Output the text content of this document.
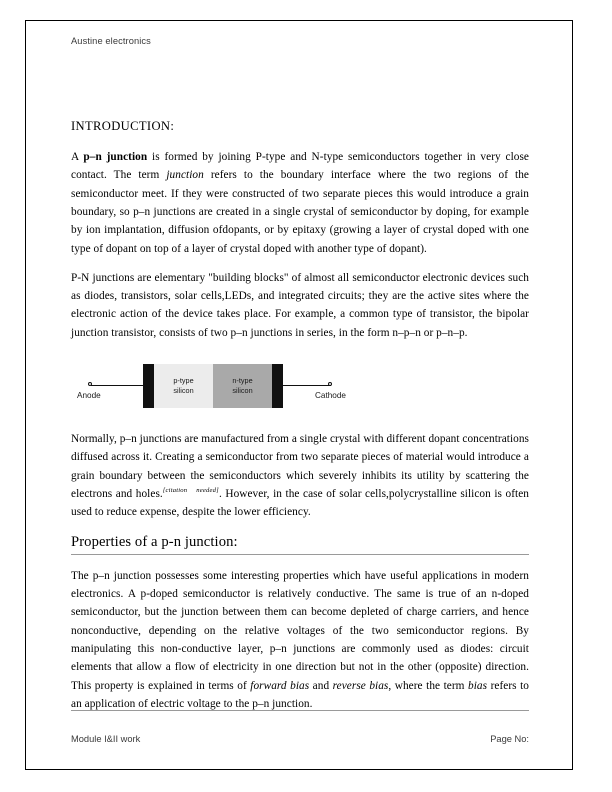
Austine electronics
INTRODUCTION:

A p–n junction is formed by joining P-type and N-type semiconductors together in very close contact. The term junction refers to the boundary interface where the two regions of the semiconductor meet. If they were constructed of two separate pieces this would introduce a grain boundary, so p–n junctions are created in a single crystal of semiconductor by doping, for example by ion implantation, diffusion ofdopants, or by epitaxy (growing a layer of crystal doped with one type of dopant on top of a layer of crystal doped with another type of dopant).

P-N junctions are elementary "building blocks" of almost all semiconductor electronic devices such as diodes, transistors, solar cells,LEDs, and integrated circuits; they are the active sites where the electronic action of the device takes place. For example, a common type of transistor, the bipolar junction transistor, consists of two p–n junctions in series, in the form n–p–n or p–n–p.

Anode
p-type
silicon
n-type
silicon
Cathode

Normally, p–n junctions are manufactured from a single crystal with different dopant concentrations diffused across it. Creating a semiconductor from two separate pieces of material would introduce a grain boundary between the semiconductors which severely inhibits its utility by scattering the electrons and holes.[citation needed]. However, in the case of solar cells,polycrystalline silicon is often used to reduce expense, despite the lower efficiency.

Properties of a p-n junction:

The p–n junction possesses some interesting properties which have useful applications in modern electronics. A p-doped semiconductor is relatively conductive. The same is true of an n-doped semiconductor, but the junction between them can become depleted of charge carriers, and hence nonconductive, depending on the relative voltages of the two semiconductor regions. By manipulating this non-conductive layer, p–n junctions are commonly used as diodes: circuit elements that allow a flow of electricity in one direction but not in the other (opposite) direction. This property is explained in terms of forward bias and reverse bias, where the term bias refers to an application of electric voltage to the p–n junction.

Module I&II work	Page No:
